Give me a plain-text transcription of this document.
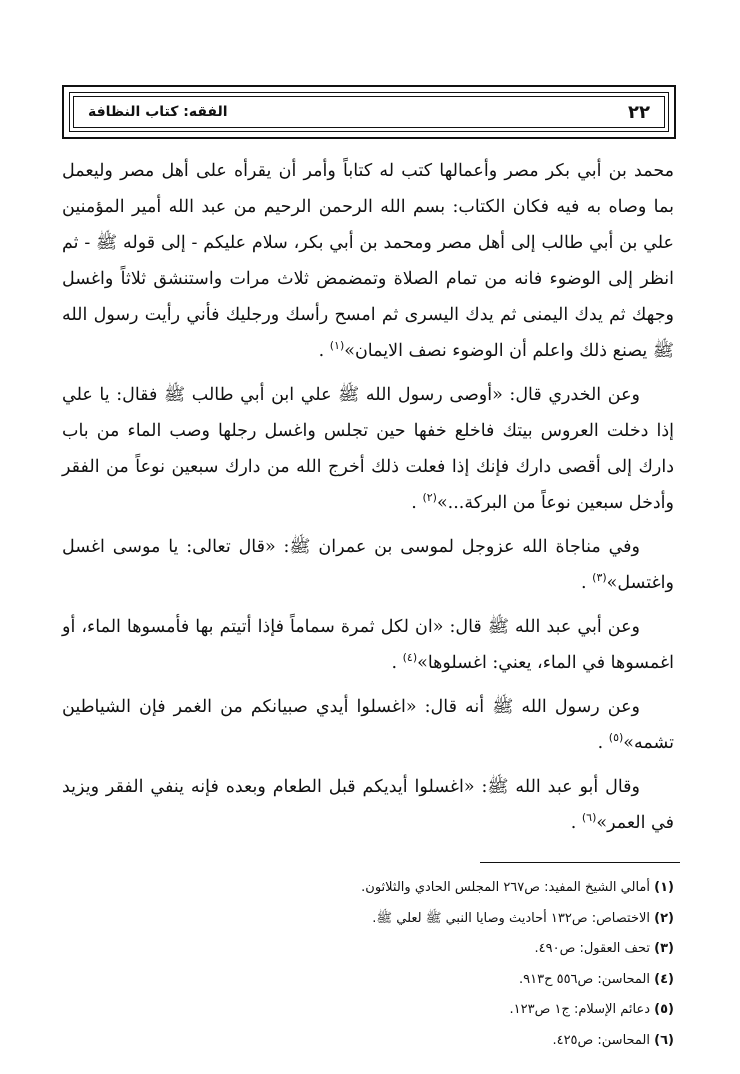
٢٢
الفقه: كتاب النظافة

محمد بن أبي بكر مصر وأعمالها كتب له كتاباً وأمر أن يقرأه على أهل مصر وليعمل بما وصاه به فيه فكان الكتاب: بسم الله الرحمن الرحيم من عبد الله أمير المؤمنين علي بن أبي طالب إلى أهل مصر ومحمد بن أبي بكر، سلام عليكم - إلى قوله ﷺ - ثم انظر إلى الوضوء فانه من تمام الصلاة وتمضمض ثلاث مرات واستنشق ثلاثاً واغسل وجهك ثم يدك اليمنى ثم يدك اليسرى ثم امسح رأسك ورجليك فأني رأيت رسول الله ﷺ يصنع ذلك واعلم أن الوضوء نصف الايمان»$^{(١)}$ .

وعن الخدري قال: «أوصى رسول الله ﷺ علي ابن أبي طالب ﷺ فقال: يا علي إذا دخلت العروس بيتك فاخلع خفها حين تجلس واغسل رجلها وصب الماء من باب دارك إلى أقصى دارك فإنك إذا فعلت ذلك أخرج الله من دارك سبعين نوعاً من الفقر وأدخل سبعين نوعاً من البركة...»$^{(٢)}$ .

وفي مناجاة الله عزوجل لموسى بن عمران ﷺ: «قال تعالى: يا موسى اغسل واغتسل»$^{(٣)}$ .

وعن أبي عبد الله ﷺ قال: «ان لكل ثمرة سماماً فإذا أتيتم بها فأمسوها الماء، أو اغمسوها في الماء، يعني: اغسلوها»$^{(٤)}$ .

وعن رسول الله ﷺ أنه قال: «اغسلوا أيدي صبيانكم من الغمر فإن الشياطين تشمه»$^{(٥)}$ .

وقال أبو عبد الله ﷺ: «اغسلوا أيديكم قبل الطعام وبعده فإنه ينفي الفقر ويزيد في العمر»$^{(٦)}$ .

(١) أمالي الشيخ المفيد: ص٢٦٧ المجلس الحادي والثلاثون.
(٢) الاختصاص: ص١٣٢ أحاديث وصايا النبي ﷺ لعلي ﷺ.
(٣) تحف العقول: ص٤٩٠.
(٤) المحاسن: ص٥٥٦ ح٩١٣.
(٥) دعائم الإسلام: ج١ ص١٢٣.
(٦) المحاسن: ص٤٢٥.
